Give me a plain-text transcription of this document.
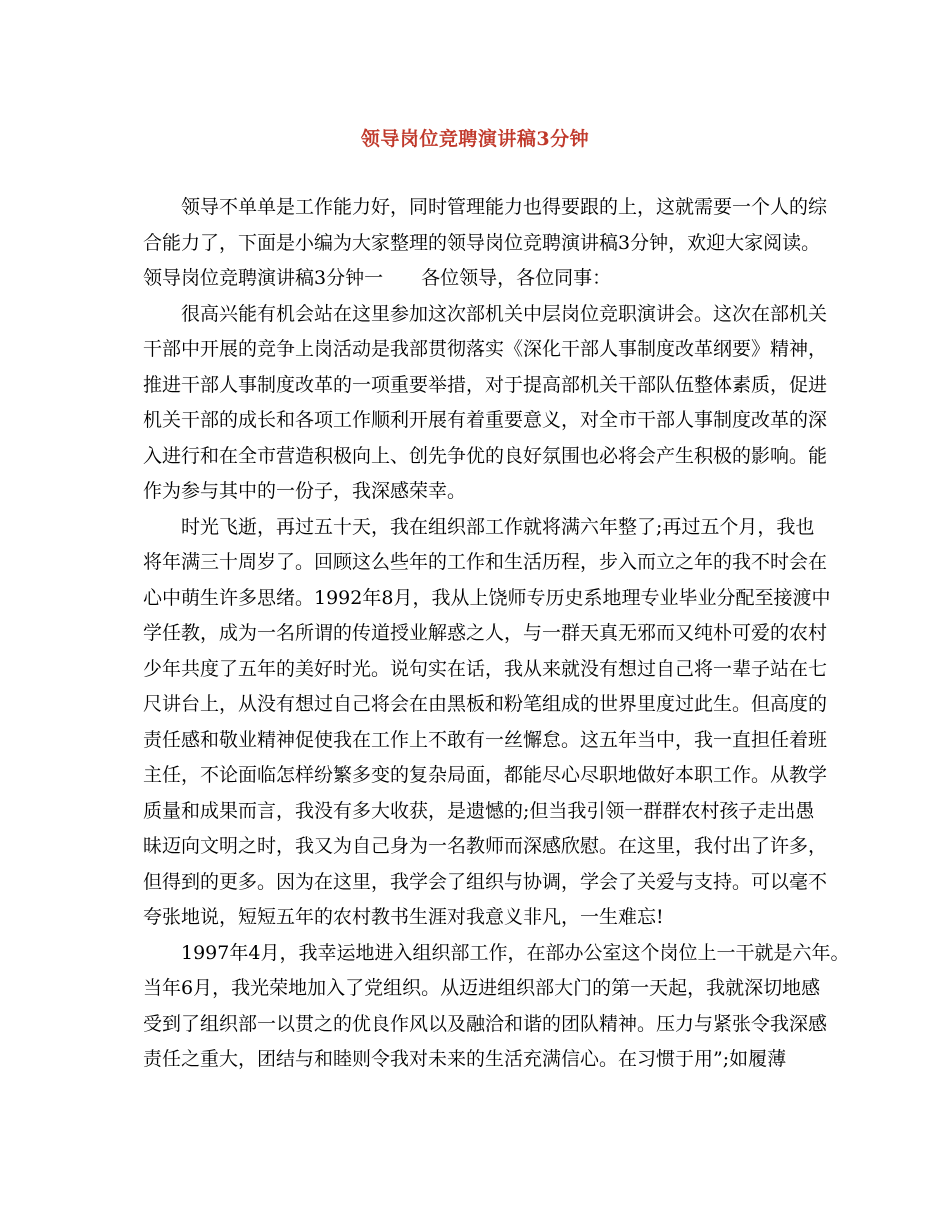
领导岗位竞聘演讲稿3分钟
领导不单单是工作能力好，同时管理能力也得要跟的上，这就需要一个人的综
合能力了，下面是小编为大家整理的领导岗位竞聘演讲稿3分钟，欢迎大家阅读。
领导岗位竞聘演讲稿3分钟一　　各位领导，各位同事：
很高兴能有机会站在这里参加这次部机关中层岗位竞职演讲会。这次在部机关
干部中开展的竞争上岗活动是我部贯彻落实《深化干部人事制度改革纲要》精神，
推进干部人事制度改革的一项重要举措，对于提高部机关干部队伍整体素质，促进
机关干部的成长和各项工作顺利开展有着重要意义，对全市干部人事制度改革的深
入进行和在全市营造积极向上、创先争优的良好氛围也必将会产生积极的影响。能
作为参与其中的一份子，我深感荣幸。
时光飞逝，再过五十天，我在组织部工作就将满六年整了;再过五个月，我也
将年满三十周岁了。回顾这么些年的工作和生活历程，步入而立之年的我不时会在
心中萌生许多思绪。1992年8月，我从上饶师专历史系地理专业毕业分配至接渡中
学任教，成为一名所谓的传道授业解惑之人，与一群天真无邪而又纯朴可爱的农村
少年共度了五年的美好时光。说句实在话，我从来就没有想过自己将一辈子站在七
尺讲台上，从没有想过自己将会在由黑板和粉笔组成的世界里度过此生。但高度的
责任感和敬业精神促使我在工作上不敢有一丝懈怠。这五年当中，我一直担任着班
主任，不论面临怎样纷繁多变的复杂局面，都能尽心尽职地做好本职工作。从教学
质量和成果而言，我没有多大收获，是遗憾的;但当我引领一群群农村孩子走出愚
昧迈向文明之时，我又为自己身为一名教师而深感欣慰。在这里，我付出了许多，
但得到的更多。因为在这里，我学会了组织与协调，学会了关爱与支持。可以毫不
夸张地说，短短五年的农村教书生涯对我意义非凡，一生难忘!
1997年4月，我幸运地进入组织部工作，在部办公室这个岗位上一干就是六年。
当年6月，我光荣地加入了党组织。从迈进组织部大门的第一天起，我就深切地感
受到了组织部一以贯之的优良作风以及融洽和谐的团队精神。压力与紧张令我深感
责任之重大，团结与和睦则令我对未来的生活充满信心。在习惯于用”;如履薄
